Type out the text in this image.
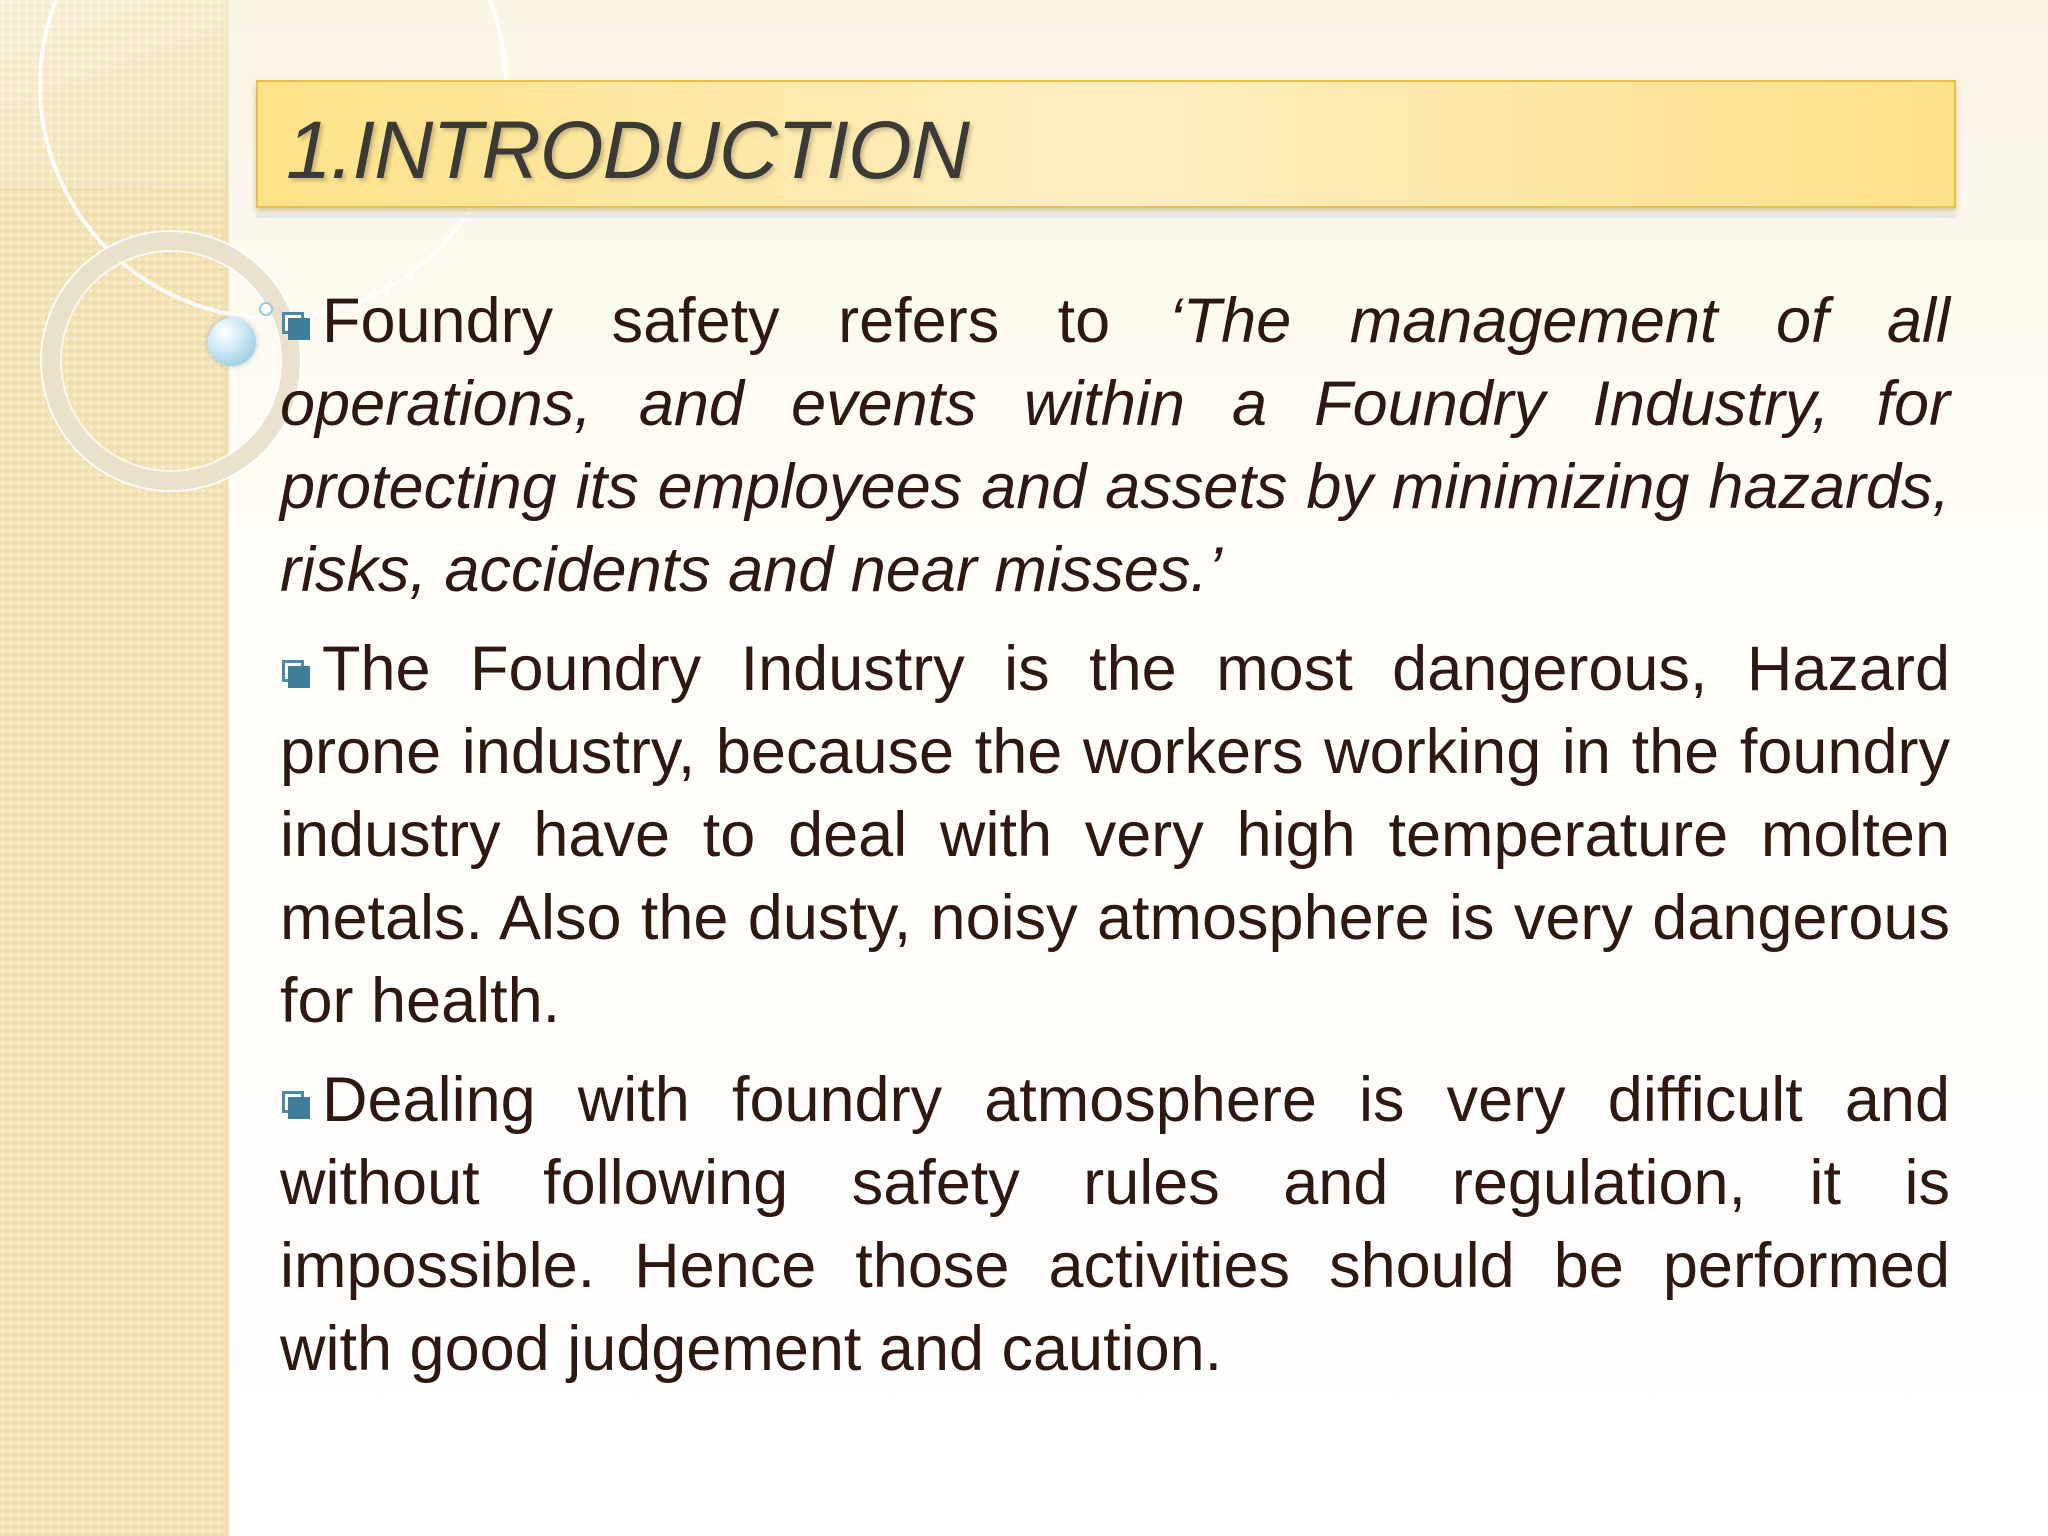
1.INTRODUCTION

Foundry safety refers to ‘The management of all operations, and events within a Foundry Industry, for protecting its employees and assets by minimizing hazards, risks, accidents and near misses.’

The Foundry Industry is the most dangerous, Hazard prone industry, because the workers working in the foundry industry have to deal with very high temperature molten metals. Also the dusty, noisy atmosphere is very dangerous for health.

Dealing with foundry atmosphere is very difficult and without following safety rules and regulation, it is impossible. Hence those activities should be performed with good judgement and caution.
